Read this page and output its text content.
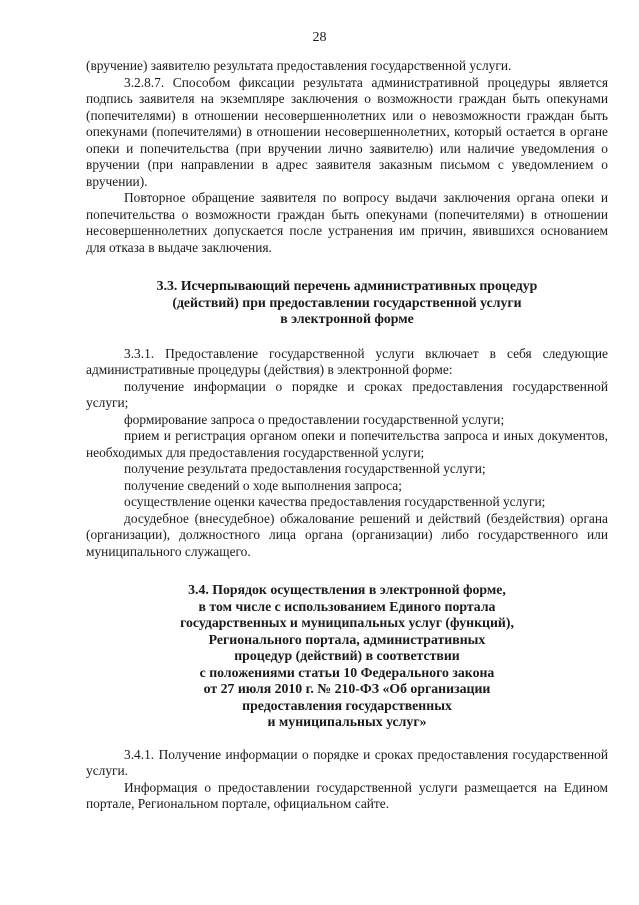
28

(вручение) заявителю результата предоставления государственной услуги.

3.2.8.7. Способом фиксации результата административной процедуры является подпись заявителя на экземпляре заключения о возможности граждан быть опекунами (попечителями) в отношении несовершеннолетних или о невозможности граждан быть опекунами (попечителями) в отношении несовершеннолетних, который остается в органе опеки и попечительства (при вручении лично заявителю) или наличие уведомления о вручении (при направлении в адрес заявителя заказным письмом с уведомлением о вручении).

Повторное обращение заявителя по вопросу выдачи заключения органа опеки и попечительства о возможности граждан быть опекунами (попечителями) в отношении несовершеннолетних допускается после устранения им причин, явившихся основанием для отказа в выдаче заключения.

3.3. Исчерпывающий перечень административных процедур
(действий) при предоставлении государственной услуги
в электронной форме

3.3.1. Предоставление государственной услуги включает в себя следующие административные процедуры (действия) в электронной форме:

получение информации о порядке и сроках предоставления государственной услуги;

формирование запроса о предоставлении государственной услуги;

прием и регистрация органом опеки и попечительства запроса и иных документов, необходимых для предоставления государственной услуги;

получение результата предоставления государственной услуги;

получение сведений о ходе выполнения запроса;

осуществление оценки качества предоставления государственной услуги;

досудебное (внесудебное) обжалование решений и действий (бездействия) органа (организации), должностного лица органа (организации) либо государственного или муниципального служащего.

3.4. Порядок осуществления в электронной форме,
в том числе с использованием Единого портала
государственных и муниципальных услуг (функций),
Регионального портала, административных
процедур (действий) в соответствии
с положениями статьи 10 Федерального закона
от 27 июля 2010 г. № 210-ФЗ «Об организации
предоставления государственных
и муниципальных услуг»

3.4.1. Получение информации о порядке и сроках предоставления государственной услуги.

Информация о предоставлении государственной услуги размещается на Едином портале, Региональном портале, официальном сайте.
